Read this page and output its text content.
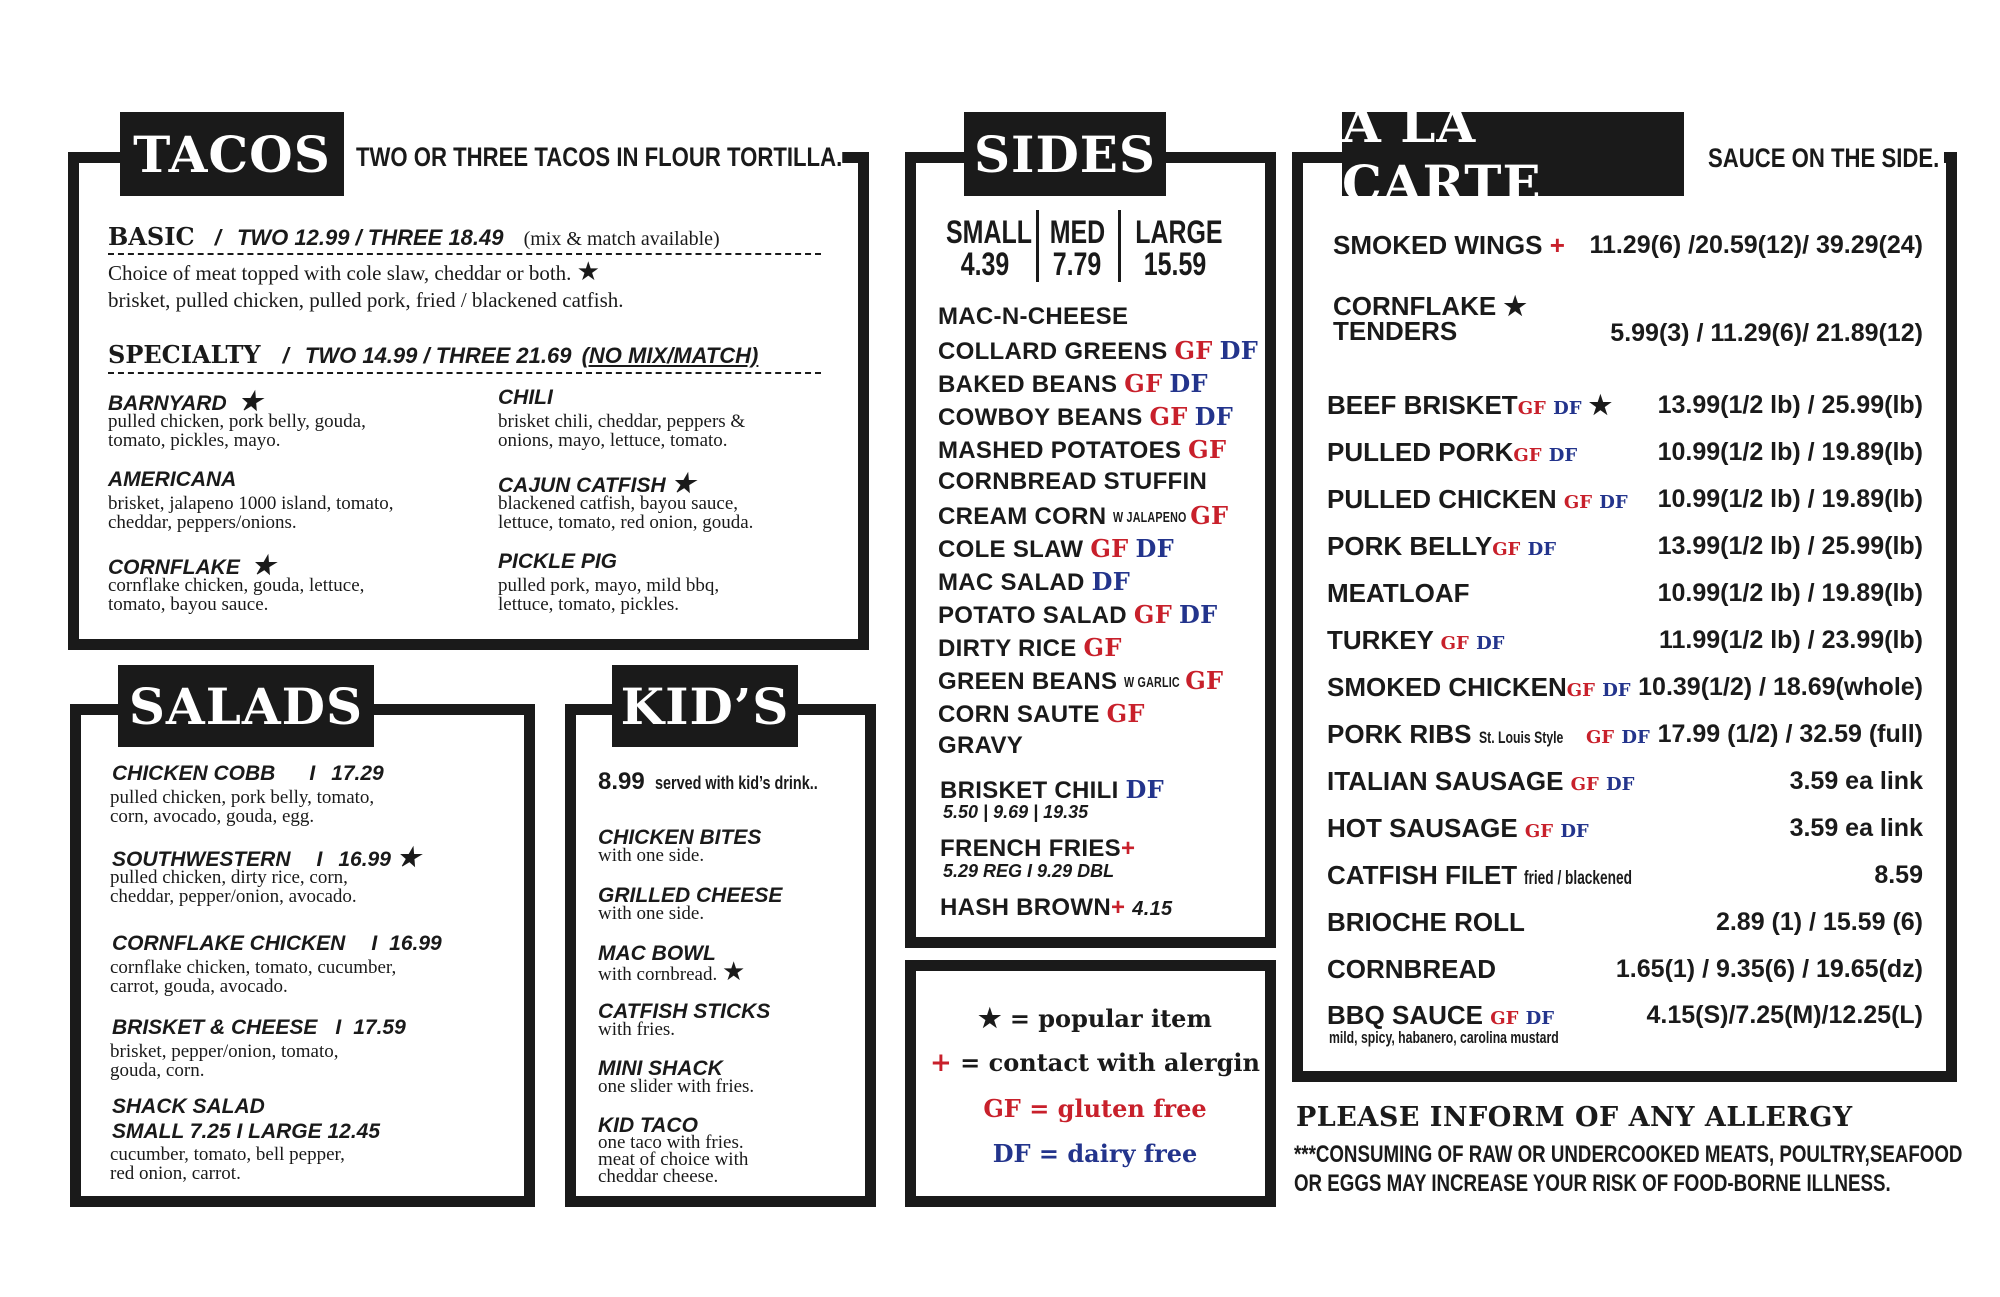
TACOS TWO OR THREE TACOS IN FLOUR TORTILLA.
BASIC / TWO 12.99 / THREE 18.49 (mix & match available)
Choice of meat topped with cole slaw, cheddar or both. ★
brisket, pulled chicken, pulled pork, fried / blackened catfish.
SPECIALTY / TWO 14.99 / THREE 21.69 (NO MIX/MATCH)
BARNYARD ★
pulled chicken, pork belly, gouda,
tomato, pickles, mayo.
CHILI
brisket chili, cheddar, peppers &
onions, mayo, lettuce, tomato.
AMERICANA
brisket, jalapeno 1000 island, tomato,
cheddar, peppers/onions.
CAJUN CATFISH ★
blackened catfish, bayou sauce,
lettuce, tomato, red onion, gouda.
CORNFLAKE ★
cornflake chicken, gouda, lettuce,
tomato, bayou sauce.
PICKLE PIG
pulled pork, mayo, mild bbq,
lettuce, tomato, pickles.
SALADS
CHICKEN COBB I 17.29
pulled chicken, pork belly, tomato,
corn, avocado, gouda, egg.
SOUTHWESTERN I 16.99 ★
pulled chicken, dirty rice, corn,
cheddar, pepper/onion, avocado.
CORNFLAKE CHICKEN I 16.99
cornflake chicken, tomato, cucumber,
carrot, gouda, avocado.
BRISKET & CHEESE I 17.59
brisket, pepper/onion, tomato,
gouda, corn.
SHACK SALAD
SMALL 7.25 I LARGE 12.45
cucumber, tomato, bell pepper,
red onion, carrot.
KID’S
8.99 served with kid’s drink..
CHICKEN BITES
with one side.
GRILLED CHEESE
with one side.
MAC BOWL
with cornbread. ★
CATFISH STICKS
with fries.
MINI SHACK
one slider with fries.
KID TACO
one taco with fries.
meat of choice with
cheddar cheese.
SIDES
SMALL
4.39
MED
7.79
LARGE
15.59
MAC-N-CHEESE
COLLARD GREENS GF DF
BAKED BEANS GF DF
COWBOY BEANS GF DF
MASHED POTATOES GF
CORNBREAD STUFFIN
CREAM CORN W JALAPENO GF
COLE SLAW GF DF
MAC SALAD DF
POTATO SALAD GF DF
DIRTY RICE GF
GREEN BEANS W GARLIC GF
CORN SAUTE GF
GRAVY
BRISKET CHILI DF
5.50 | 9.69 | 19.35
FRENCH FRIES+
5.29 REG I 9.29 DBL
HASH BROWN+ 4.15
★ = popular item
+ = contact with alergin
GF = gluten free
DF = dairy free
A LA CARTE	SAUCE ON THE SIDE.
SMOKED WINGS + 11.29(6) /20.59(12)/ 39.29(24)
CORNFLAKE ★
TENDERS	5.99(3) / 11.29(6)/ 21.89(12)
BEEF BRISKETGF DF ★ 13.99(1/2 lb) / 25.99(lb)
PULLED PORKGF DF	10.99(1/2 lb) / 19.89(lb)
PULLED CHICKEN GF DF 10.99(1/2 lb) / 19.89(lb)
PORK BELLYGF DF	13.99(1/2 lb) / 25.99(lb)
MEATLOAF	10.99(1/2 lb) / 19.89(lb)
TURKEY GF DF	11.99(1/2 lb) / 23.99(lb)
SMOKED CHICKENGF DF 10.39(1/2) / 18.69(whole)
PORK RIBS St. Louis Style GF DF 17.99 (1/2) / 32.59 (full)
ITALIAN SAUSAGE GF DF	3.59 ea link
HOT SAUSAGE GF DF	3.59 ea link
CATFISH FILET fried / blackened	8.59
BRIOCHE ROLL	2.89 (1) / 15.59 (6)
CORNBREAD	1.65(1) / 9.35(6) / 19.65(dz)
BBQ SAUCE GF DF
mild, spicy, habanero, carolina mustard
4.15(S)/7.25(M)/12.25(L)
PLEASE INFORM OF ANY ALLERGY
***CONSUMING OF RAW OR UNDERCOOKED MEATS, POULTRY,SEAFOOD
OR EGGS MAY INCREASE YOUR RISK OF FOOD-BORNE ILLNESS.
